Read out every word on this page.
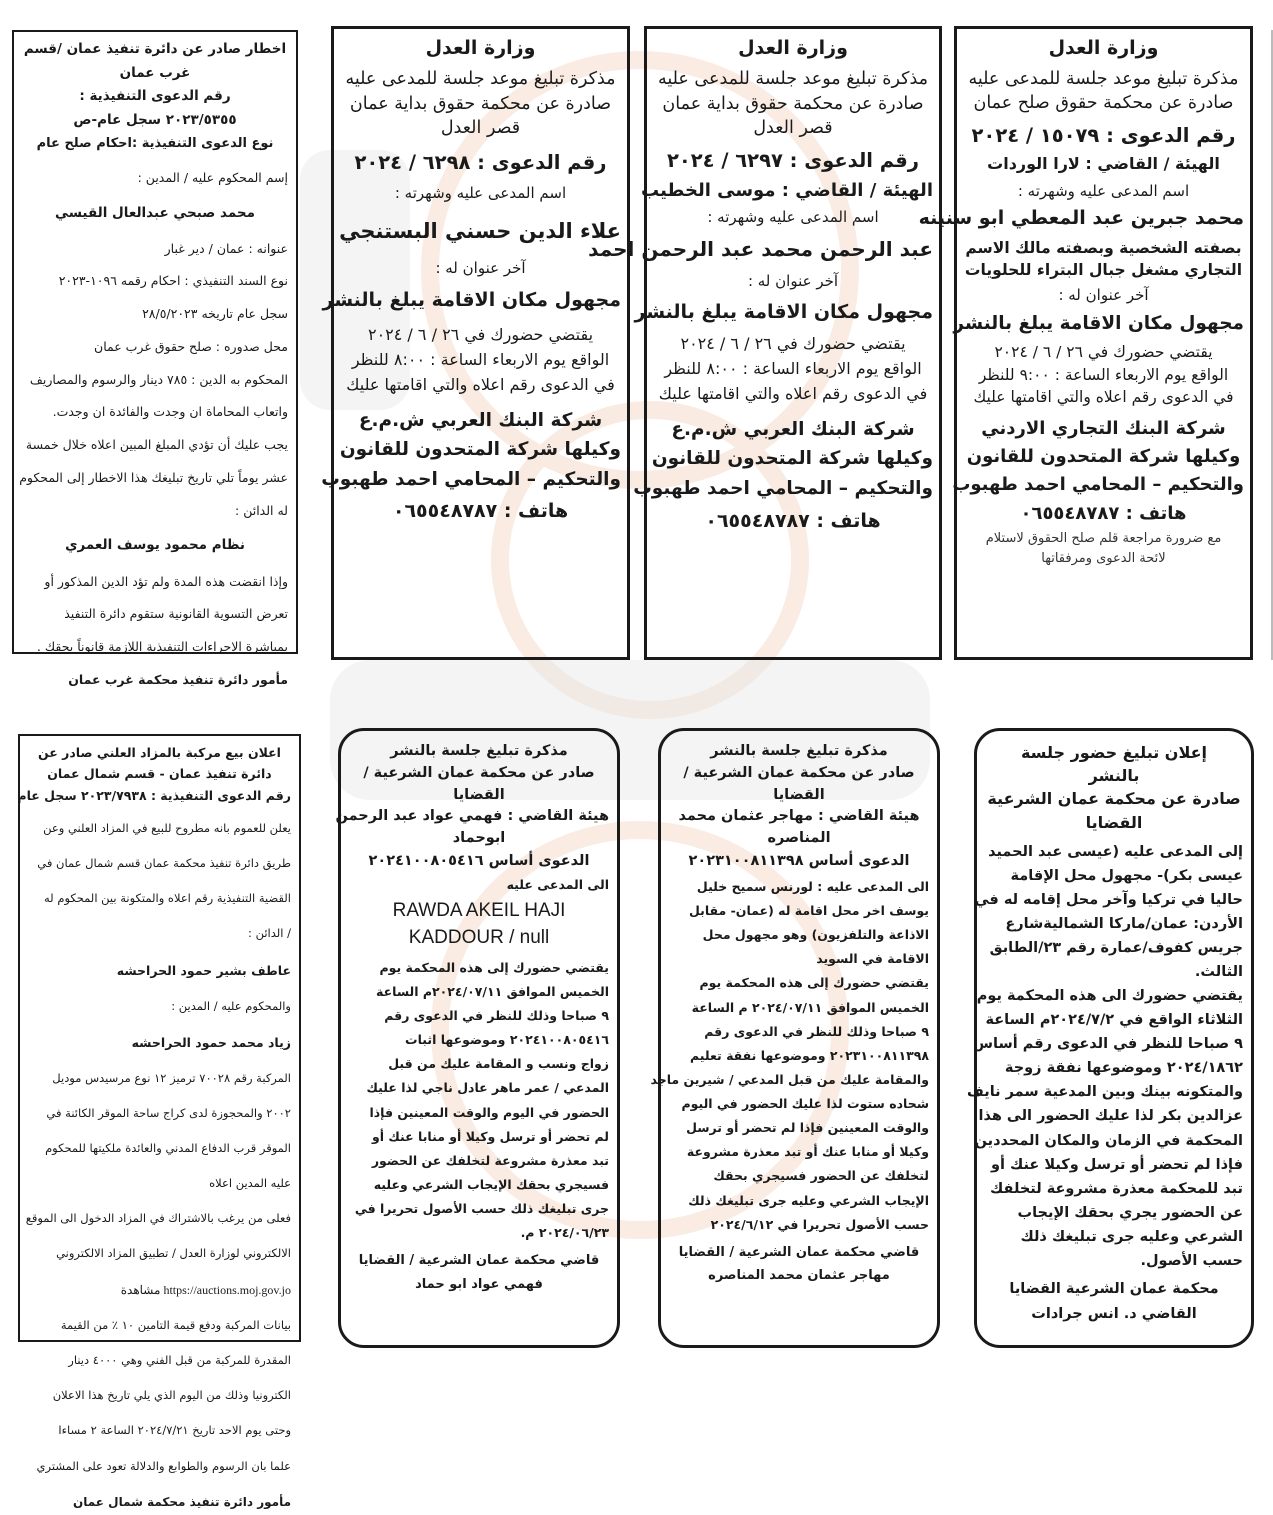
وزارة العدل

مذكرة تبليغ موعد جلسة للمدعى عليه

صادرة عن محكمة حقوق صلح عمان

رقم الدعوى : ١٥٠٧٩ / ٢٠٢٤

الهيئة / القاضي : لارا الوردات

اسم المدعى عليه وشهرته :

محمد جبرين عبد المعطي ابو سنينه

بصفته الشخصية وبصفته مالك الاسم

التجاري مشغل جبال البتراء للحلويات

آخر عنوان له :

مجهول مكان الاقامة يبلغ بالنشر

يقتضي حضورك في ٢٦ / ٦ / ٢٠٢٤

الواقع يوم الاربعاء الساعة : ٩:٠٠ للنظر

في الدعوى رقم اعلاه والتي اقامتها عليك

شركة البنك التجاري الاردني

وكيلها شركة المتحدون للقانون

والتحكيم – المحامي احمد طهبوب

هاتف : ٠٦٥٥٤٨٧٨٧

مع ضرورة مراجعة قلم صلح الحقوق لاستلام

لائحة الدعوى ومرفقاتها

وزارة العدل

مذكرة تبليغ موعد جلسة للمدعى عليه

صادرة عن محكمة حقوق بداية عمان

قصر العدل

رقم الدعوى : ٦٢٩٧ / ٢٠٢٤

الهيئة / القاضي : موسى الخطيب

اسم المدعى عليه وشهرته :

عبد الرحمن محمد عبد الرحمن احمد

آخر عنوان له :

مجهول مكان الاقامة يبلغ بالنشر

يقتضي حضورك في ٢٦ / ٦ / ٢٠٢٤

الواقع يوم الاربعاء الساعة : ٨:٠٠ للنظر

في الدعوى رقم اعلاه والتي اقامتها عليك

شركة البنك العربي ش.م.ع

وكيلها شركة المتحدون للقانون

والتحكيم – المحامي احمد طهبوب

هاتف : ٠٦٥٥٤٨٧٨٧

وزارة العدل

مذكرة تبليغ موعد جلسة للمدعى عليه

صادرة عن محكمة حقوق بداية عمان

قصر العدل

رقم الدعوى : ٦٢٩٨ / ٢٠٢٤

اسم المدعى عليه وشهرته :

علاء الدين حسني البستنجي

آخر عنوان له :

مجهول مكان الاقامة يبلغ بالنشر

يقتضي حضورك في ٢٦ / ٦ / ٢٠٢٤

الواقع يوم الاربعاء الساعة : ٨:٠٠ للنظر

في الدعوى رقم اعلاه والتي اقامتها عليك

شركة البنك العربي ش.م.ع

وكيلها شركة المتحدون للقانون

والتحكيم – المحامي احمد طهبوب

هاتف : ٠٦٥٥٤٨٧٨٧

اخطار صادر عن دائرة تنفيذ عمان /قسم

غرب عمان

رقم الدعوى التنفيذية :

٢٠٢٣/٥٣٥٥ سجل عام-ص

نوع الدعوى التنفيذية :احكام صلح عام

إسم المحكوم عليه / المدين :

محمد صبحي عبدالعال القيسي

عنوانه : عمان / دير غبار

نوع السند التنفيذي : احكام رقمه ١٠٩٦-٢٠٢٣

سجل عام تاريخه ٢٨/٥/٢٠٢٣

محل صدوره : صلح حقوق غرب عمان

المحكوم به الدين : ٧٨٥ دينار والرسوم والمصاريف

واتعاب المحاماة ان وجدت والفائدة ان وجدت.

يجب عليك أن تؤدي المبلغ المبين اعلاه خلال خمسة

عشر يوماً تلي تاريخ تبليغك هذا الاخطار إلى المحكوم

له الدائن :

نظام محمود يوسف العمري

وإذا انقضت هذه المدة ولم تؤد الدين المذكور أو

تعرض التسوية القانونية ستقوم دائرة التنفيذ

بمباشرة الاجراءات التنفيذية اللازمة قانوناً بحقك .

مأمور دائرة تنفيذ محكمة غرب عمان

إعلان تبليغ حضور جلسة

بالنشر

صادرة عن محكمة عمان الشرعية

القضايا

إلى المدعى عليه (عيسى عبد الحميد

عيسى بكر)- مجهول محل الإقامة

حاليا في تركيا وآخر محل إقامه له في

الأردن: عمان/ماركا الشماليةشارع

جريس كفوف/عمارة رقم ٢٣/الطابق

الثالث.

يقتضي حضورك الى هذه المحكمة يوم

الثلاثاء الواقع في ٢٠٢٤/٧/٢م الساعة

٩ صباحا للنظر في الدعوى رقم أساس

٢٠٢٤/١٨٦٢ وموضوعها نفقة زوجة

والمتكونه بينك وبين المدعية سمر نايف

عزالدين بكر لذا عليك الحضور الى هذا

المحكمة في الزمان والمكان المحددين

فإذا لم تحضر أو ترسل وكيلا عنك أو

تبد للمحكمة معذرة مشروعة لتخلفك

عن الحضور يجري بحقك الإيجاب

الشرعي وعليه جرى تبليغك ذلك

حسب الأصول.

محكمة عمان الشرعية القضايا

القاضي د. انس جرادات

مذكرة تبليغ جلسة بالنشر

صادر عن محكمة عمان الشرعية /

القضايا

هيئة القاضي : مهاجر عثمان محمد

المناصره

الدعوى أساس ٢٠٢٣١٠٠٨١١٣٩٨

الى المدعى عليه : لورنس سميح خليل

يوسف اخر محل اقامة له (عمان- مقابل

الاذاعة والتلفزيون) وهو مجهول محل

الاقامة في السويد

يقتضي حضورك إلى هذه المحكمة يوم

الخميس الموافق ٢٠٢٤/٠٧/١١ م الساعة

٩ صباحا وذلك للنظر في الدعوى رقم

٢٠٢٣١٠٠٨١١٣٩٨ وموضوعها نفقة تعليم

والمقامة عليك من قبل المدعي / شيرين ماجد

شحاده ستوت لذا عليك الحضور في اليوم

والوقت المعينين فإذا لم تحضر أو ترسل

وكيلا أو منابا عنك أو تبد معذرة مشروعة

لتخلفك عن الحضور فسيجري بحقك

الإيجاب الشرعي وعليه جرى تبليغك ذلك

حسب الأصول تحريرا في ٢٠٢٤/٦/١٢

قاضي محكمة عمان الشرعية / القضايا

مهاجر عثمان محمد المناصره

مذكرة تبليغ جلسة بالنشر

صادر عن محكمة عمان الشرعية /

القضايا

هيئة القاضي : فهمي عواد عبد الرحمن

ابوحماد

الدعوى أساس ٢٠٢٤١٠٠٨٠٥٤١٦

الى المدعى عليه

RAWDA AKEIL HAJI

KADDOUR / null

يقتضي حضورك إلى هذه المحكمة يوم

الخميس الموافق ٢٠٢٤/٠٧/١١م الساعة

٩ صباحا وذلك للنظر في الدعوى رقم

٢٠٢٤١٠٠٨٠٥٤١٦ وموضوعها اثبات

زواج ونسب و المقامة عليك من قبل

المدعي / عمر ماهر عادل ناجي لذا عليك

الحضور في اليوم والوقت المعينين فإذا

لم تحضر أو ترسل وكيلا أو منابا عنك أو

تبد معذرة مشروعة لتخلفك عن الحضور

فسيجري بحقك الإيجاب الشرعي وعليه

جرى تبليغك ذلك حسب الأصول تحريرا في

٢٠٢٤/٠٦/٢٣ م.

قاضي محكمة عمان الشرعية / القضايا

فهمي عواد ابو حماد

اعلان بيع مركبة بالمزاد العلني صادر عن

دائرة تنفيذ عمان - قسم شمال عمان

رقم الدعوى التنفيذية : ٢٠٢٣/٧٩٣٨ سجل عام

يعلن للعموم بانه مطروح للبيع في المزاد العلني وعن

طريق دائرة تنفيذ محكمة عمان قسم شمال عمان في

القضية التنفيذية رقم اعلاه والمتكونة بين المحكوم له

/ الدائن :

عاطف بشير حمود الحراحشه

والمحكوم عليه / المدين :

زياد محمد حمود الحراحشه

المركبة رقم ٧٠٠٢٨ ترميز ١٢ نوع مرسيدس موديل

٢٠٠٢ والمحجوزة لدى كراج ساحة الموقر الكائنة في

الموقر قرب الدفاع المدني والعائدة ملكيتها للمحكوم

عليه المدين اعلاه

فعلى من يرغب بالاشتراك في المزاد الدخول الى الموقع

الالكتروني لوزارة العدل / تطبيق المزاد الالكتروني

https://auctions.moj.gov.jo مشاهدة

بيانات المركبة ودفع قيمة التامين ١٠ ٪ من القيمة

المقدرة للمركبة من قبل الفني وهي ٤٠٠٠ دينار

الكترونيا وذلك من اليوم الذي يلي تاريخ هذا الاعلان

وحتى يوم الاحد تاريخ ٢٠٢٤/٧/٢١ الساعة ٢ مساءا

علما بان الرسوم والطوابع والدلالة تعود على المشتري

مأمور دائرة تنفيذ محكمة شمال عمان
